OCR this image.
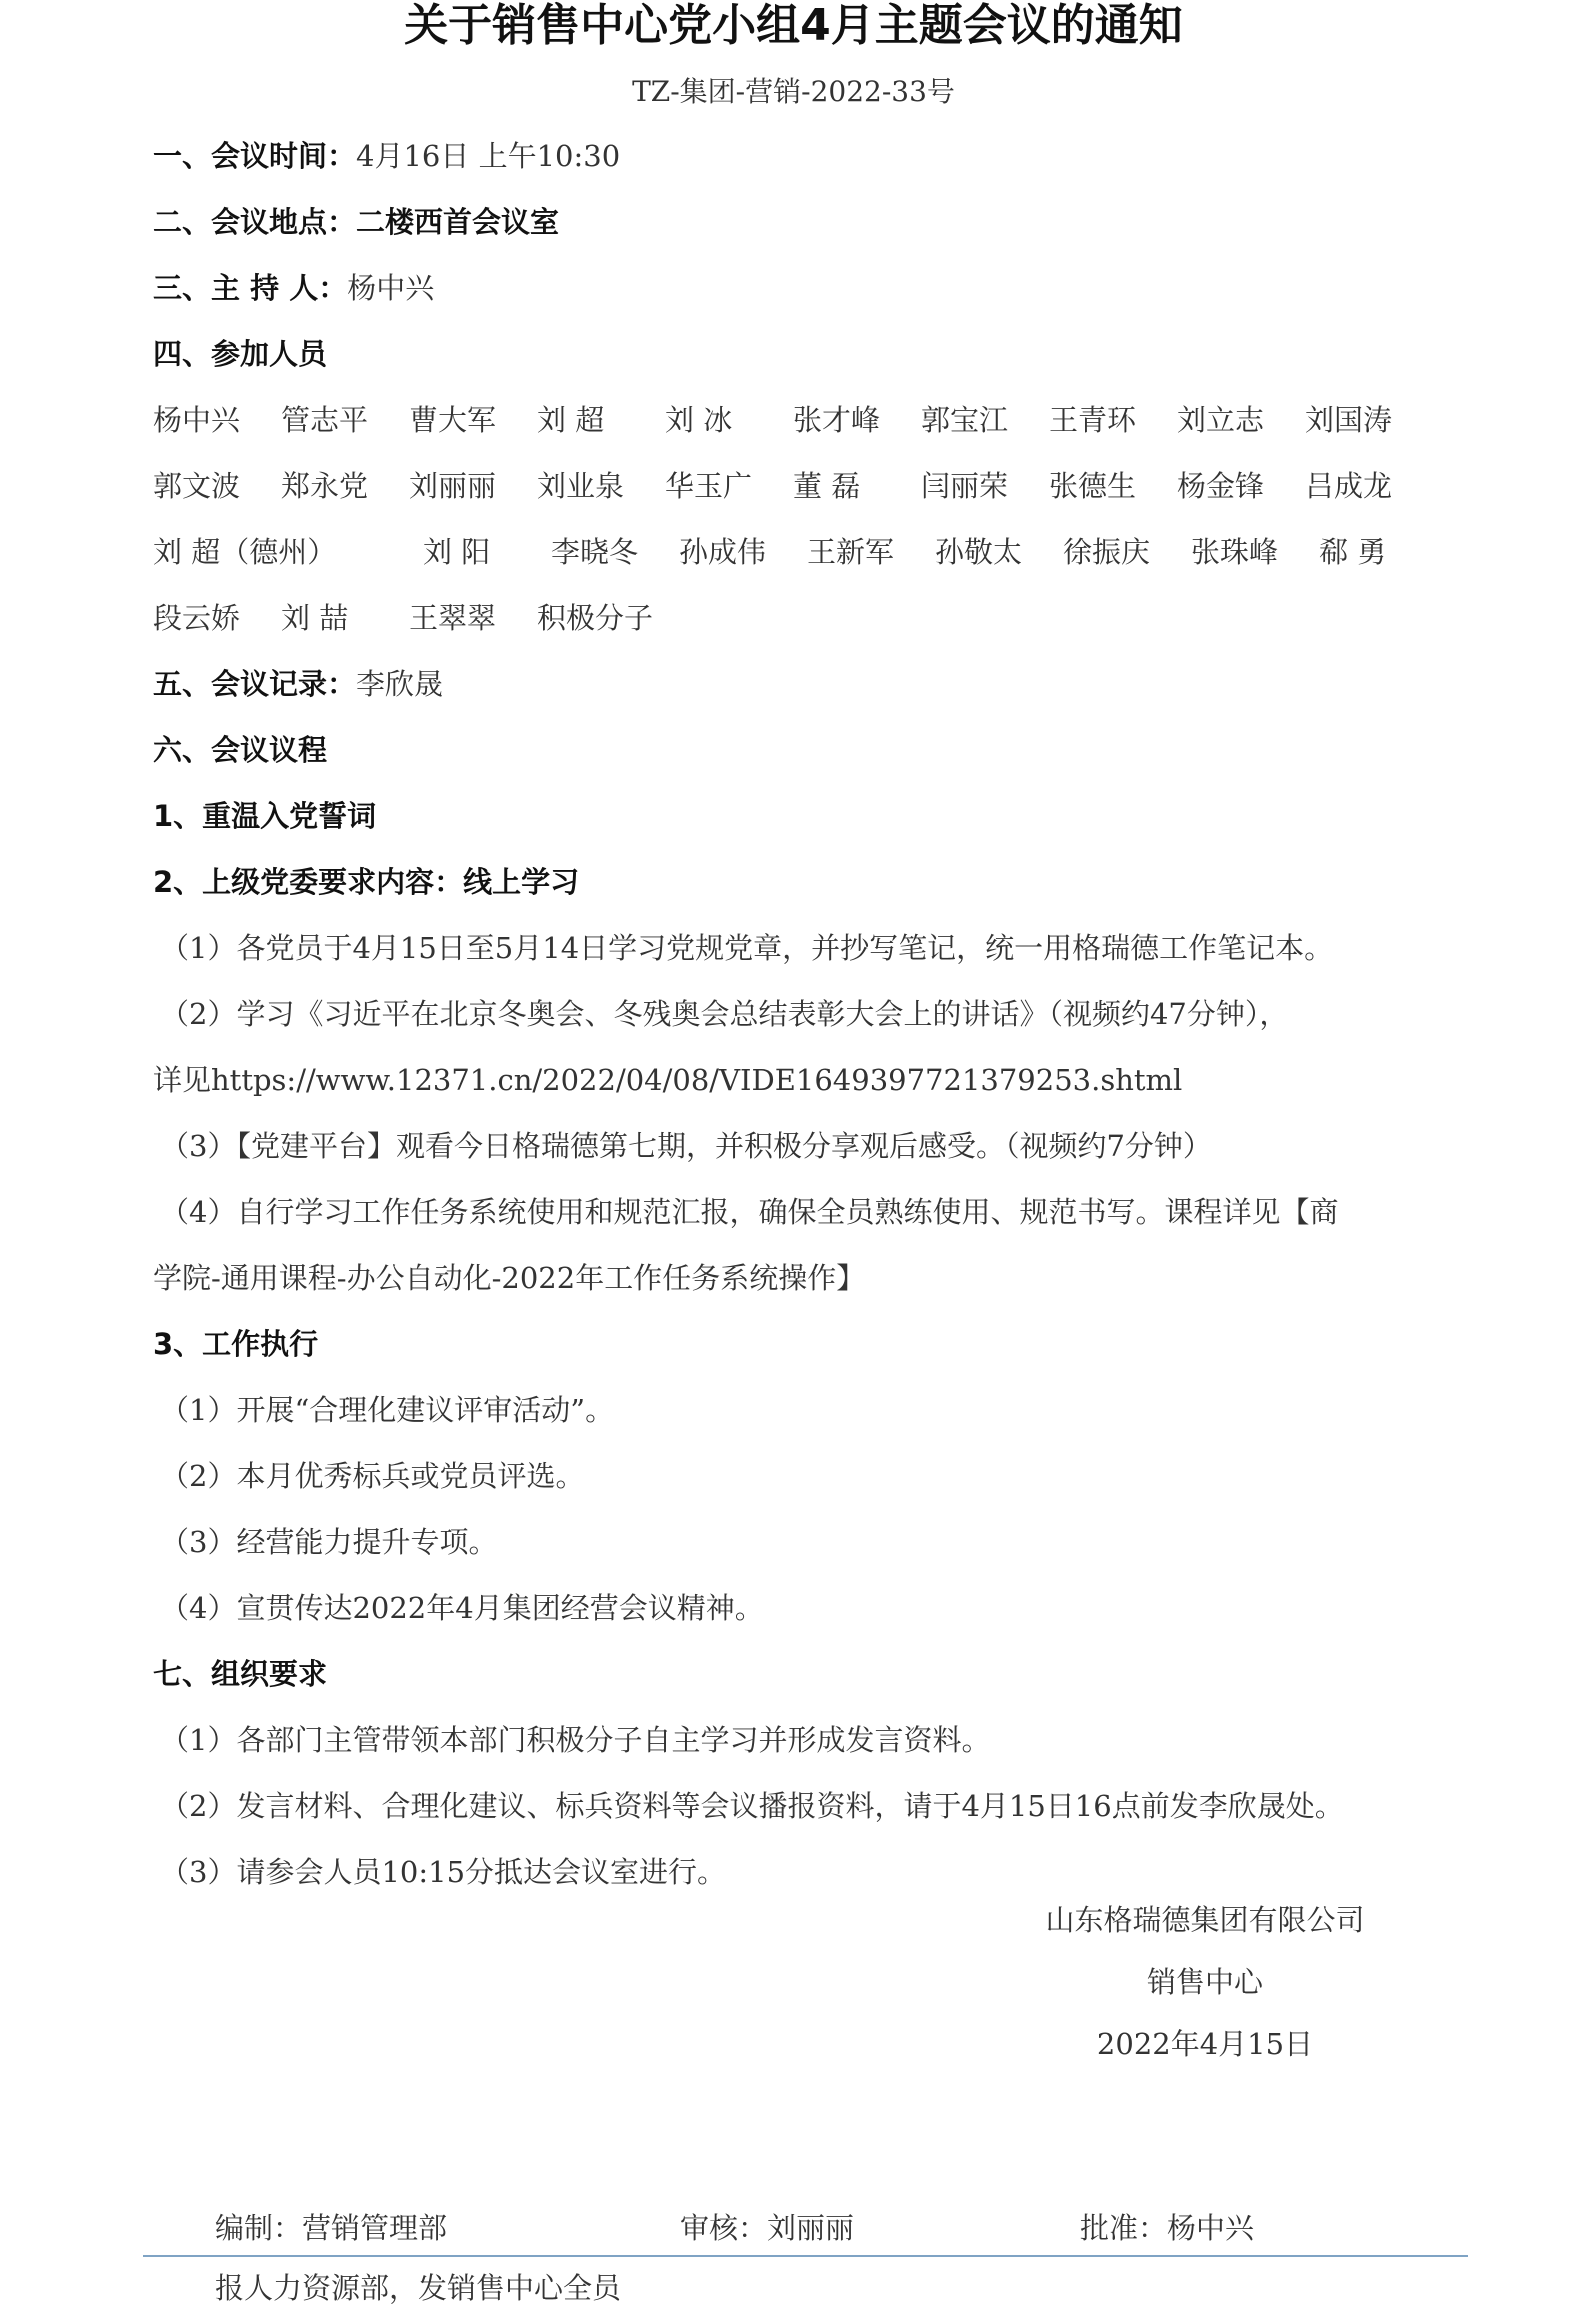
关于销售中心党小组4月主题会议的通知
TZ-集团-营销-2022-33号
一、会议时间：4月16日 上午10:30
二、会议地点：二楼西首会议室
三、主 持 人：杨中兴
四、参加人员
杨中兴 管志平 曹大军 刘 超 刘 冰 张才峰 郭宝江 王青环 刘立志 刘国涛
郭文波 郑永党 刘丽丽 刘业泉 华玉广 董 磊 闫丽荣 张德生 杨金锋 吕成龙
刘 超（德州）	刘 阳 李晓冬 孙成伟 王新军 孙敬太 徐振庆 张珠峰 郗 勇
段云娇 刘 喆 王翠翠 积极分子
五、会议记录：李欣晟
六、会议议程
1、重温入党誓词
2、上级党委要求内容：线上学习
（1）各党员于4月15日至5月14日学习党规党章，并抄写笔记，统一用格瑞德工作笔记本。
（2）学习《习近平在北京冬奥会、冬残奥会总结表彰大会上的讲话》（视频约47分钟），
详见https://www.12371.cn/2022/04/08/VIDE1649397721379253.shtml
（3）【党建平台】观看今日格瑞德第七期，并积极分享观后感受。（视频约7分钟）
（4）自行学习工作任务系统使用和规范汇报，确保全员熟练使用、规范书写。课程详见【商
学院-通用课程-办公自动化-2022年工作任务系统操作】
3、工作执行
（1）开展“合理化建议评审活动”。
（2）本月优秀标兵或党员评选。
（3）经营能力提升专项。
（4）宣贯传达2022年4月集团经营会议精神。
七、组织要求
（1）各部门主管带领本部门积极分子自主学习并形成发言资料。
（2）发言材料、合理化建议、标兵资料等会议播报资料，请于4月15日16点前发李欣晟处。
（3）请参会人员10:15分抵达会议室进行。
山东格瑞德集团有限公司
销售中心
2022年4月15日
编制：营销管理部	审核：刘丽丽	批准：杨中兴
报人力资源部，发销售中心全员
